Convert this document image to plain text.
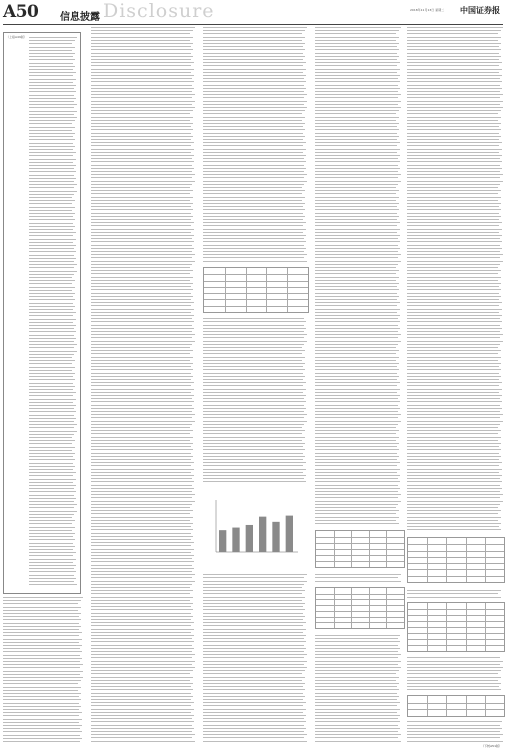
A50 信息披露 Disclosure	2018年11月13日 星期二 中国证券报
（上接A49版）
（下转A51版）
